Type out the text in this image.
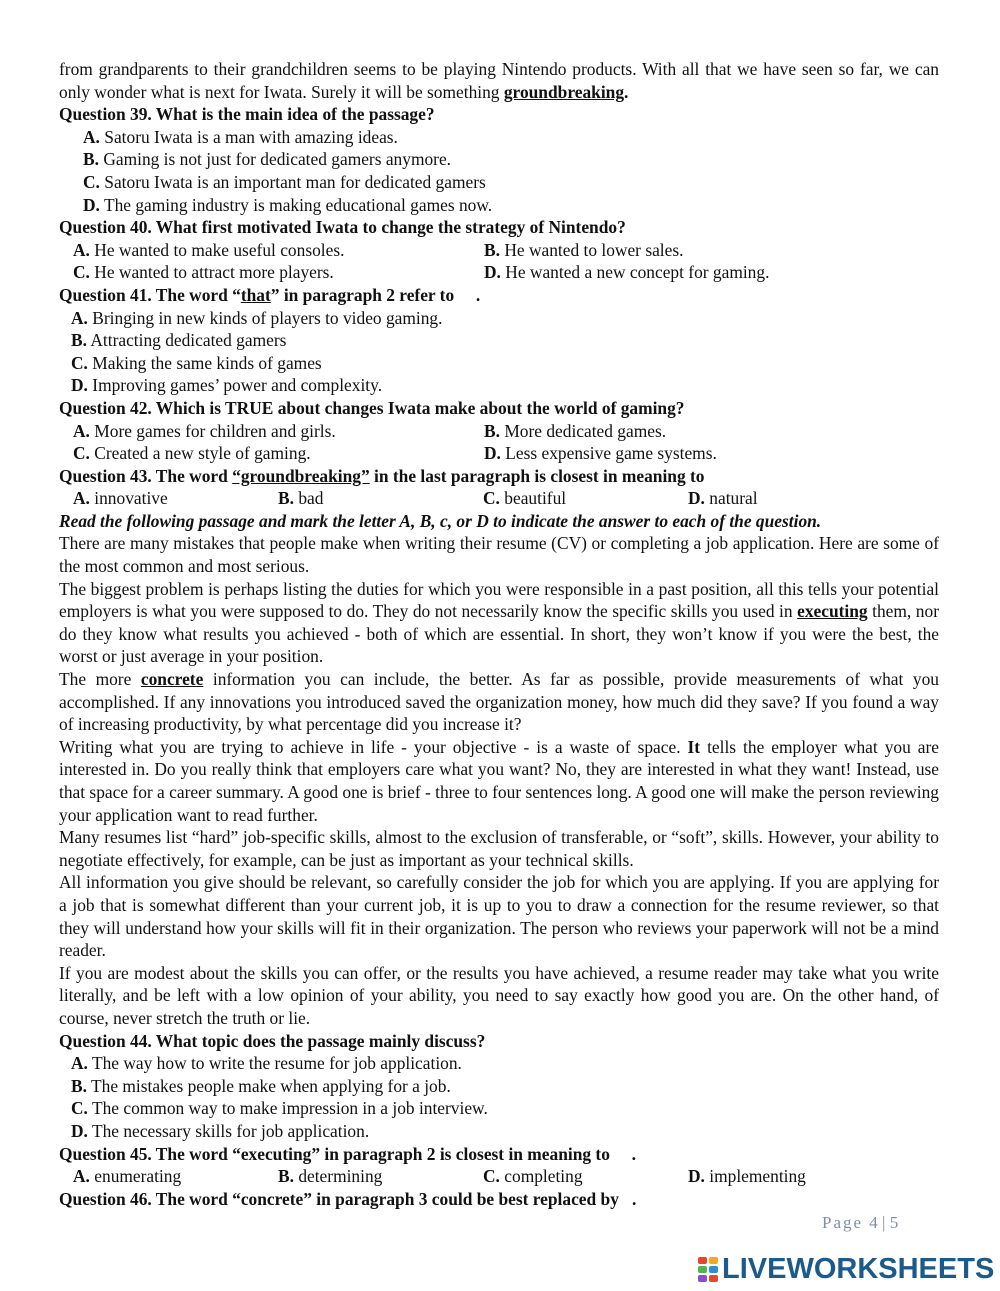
from grandparents to their grandchildren seems to be playing Nintendo products. With all that we have seen so far, we can only wonder what is next for Iwata. Surely it will be something groundbreaking.

Question 39. What is the main idea of the passage?

A. Satoru Iwata is a man with amazing ideas.

B. Gaming is not just for dedicated gamers anymore.

C. Satoru Iwata is an important man for dedicated gamers

D. The gaming industry is making educational games now.

Question 40. What first motivated Iwata to change the strategy of Nintendo?

A. He wanted to make useful consoles.	B. He wanted to lower sales.
C. He wanted to attract more players.	D. He wanted a new concept for gaming.

Question 41. The word “that” in paragraph 2 refer to     .

A. Bringing in new kinds of players to video gaming.

B. Attracting dedicated gamers

C. Making the same kinds of games

D. Improving games’ power and complexity.

Question 42. Which is TRUE about changes Iwata make about the world of gaming?

A. More games for children and girls.	B. More dedicated games.
C. Created a new style of gaming.	D. Less expensive game systems.

Question 43. The word “groundbreaking” in the last paragraph is closest in meaning to

A. innovative	B. bad	C. beautiful	D. natural

Read the following passage and mark the letter A, B, c, or D to indicate the answer to each of the question.

There are many mistakes that people make when writing their resume (CV) or completing a job application. Here are some of the most common and most serious.

The biggest problem is perhaps listing the duties for which you were responsible in a past position, all this tells your potential employers is what you were supposed to do. They do not necessarily know the specific skills you used in executing them, nor do they know what results you achieved - both of which are essential. In short, they won’t know if you were the best, the worst or just average in your position.

The more concrete information you can include, the better. As far as possible, provide measurements of what you accomplished. If any innovations you introduced saved the organization money, how much did they save? If you found a way of increasing productivity, by what percentage did you increase it?

Writing what you are trying to achieve in life - your objective - is a waste of space. It tells the employer what you are interested in. Do you really think that employers care what you want? No, they are interested in what they want! Instead, use that space for a career summary. A good one is brief - three to four sentences long. A good one will make the person reviewing your application want to read further.

Many resumes list “hard” job-specific skills, almost to the exclusion of transferable, or “soft”, skills. However, your ability to negotiate effectively, for example, can be just as important as your technical skills.

All information you give should be relevant, so carefully consider the job for which you are applying. If you are applying for a job that is somewhat different than your current job, it is up to you to draw a connection for the resume reviewer, so that they will understand how your skills will fit in their organization. The person who reviews your paperwork will not be a mind reader.

If you are modest about the skills you can offer, or the results you have achieved, a resume reader may take what you write literally, and be left with a low opinion of your ability, you need to say exactly how good you are. On the other hand, of course, never stretch the truth or lie.

Question 44. What topic does the passage mainly discuss?

A. The way how to write the resume for job application.

B. The mistakes people make when applying for a job.

C. The common way to make impression in a job interview.

D. The necessary skills for job application.

Question 45. The word “executing” in paragraph 2 is closest in meaning to     .

A. enumerating	B. determining	C. completing	D. implementing

Question 46. The word “concrete” in paragraph 3 could be best replaced by   .

Page 4 | 5
LIVEWORKSHEETS
